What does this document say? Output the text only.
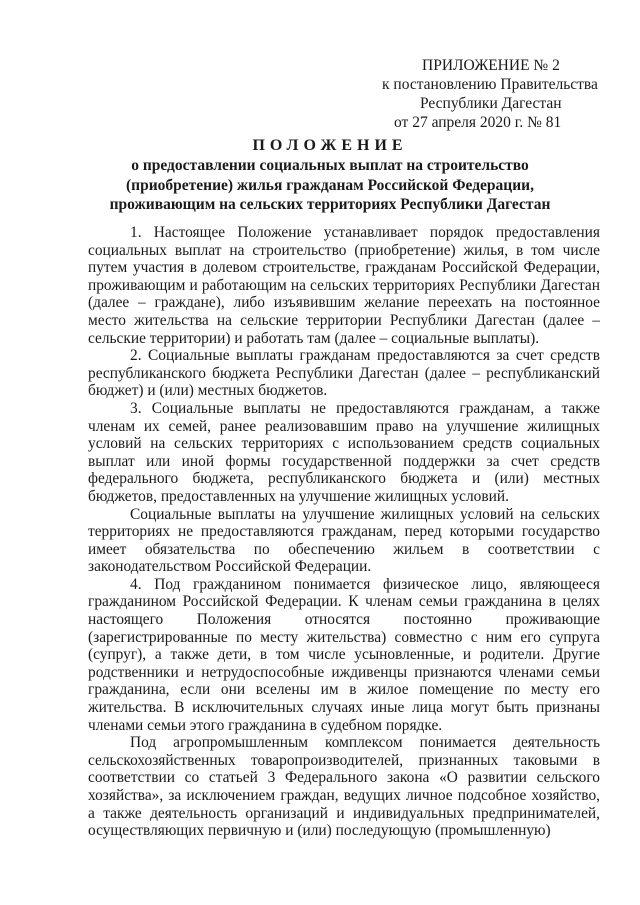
ПРИЛОЖЕНИЕ № 2
к постановлению Правительства
Республики Дагестан
от 27 апреля 2020 г. № 81
ПОЛОЖЕНИЕ
о предоставлении социальных выплат на строительство
(приобретение) жилья гражданам Российской Федерации,
проживающим на сельских территориях Республики Дагестан

1. Настоящее Положение устанавливает порядок предоставления социальных выплат на строительство (приобретение) жилья, в том числе путем участия в долевом строительстве, гражданам Российской Федерации, проживающим и работающим на сельских территориях Республики Дагестан (далее – граждане), либо изъявившим желание переехать на постоянное место жительства на сельские территории Республики Дагестан (далее – сельские территории) и работать там (далее – социальные выплаты).

2. Социальные выплаты гражданам предоставляются за счет средств республиканского бюджета Республики Дагестан (далее – республиканский бюджет) и (или) местных бюджетов.

3. Социальные выплаты не предоставляются гражданам, а также членам их семей, ранее реализовавшим право на улучшение жилищных условий на сельских территориях с использованием средств социальных выплат или иной формы государственной поддержки за счет средств федерального бюджета, республиканского бюджета и (или) местных бюджетов, предоставленных на улучшение жилищных условий.

Социальные выплаты на улучшение жилищных условий на сельских территориях не предоставляются гражданам, перед которыми государство имеет обязательства по обеспечению жильем в соответствии с законодательством Российской Федерации.

4. Под гражданином понимается физическое лицо, являющееся гражданином Российской Федерации. К членам семьи гражданина в целях настоящего Положения относятся постоянно проживающие (зарегистрированные по месту жительства) совместно с ним его супруга (супруг), а также дети, в том числе усыновленные, и родители. Другие родственники и нетрудоспособные иждивенцы признаются членами семьи гражданина, если они вселены им в жилое помещение по месту его жительства. В исключительных случаях иные лица могут быть признаны членами семьи этого гражданина в судебном порядке.

Под агропромышленным комплексом понимается деятельность сельскохозяйственных товаропроизводителей, признанных таковыми в соответствии со статьей 3 Федерального закона «О развитии сельского хозяйства», за исключением граждан, ведущих личное подсобное хозяйство, а также деятельность организаций и индивидуальных предпринимателей, осуществляющих первичную и (или) последующую (промышленную)
